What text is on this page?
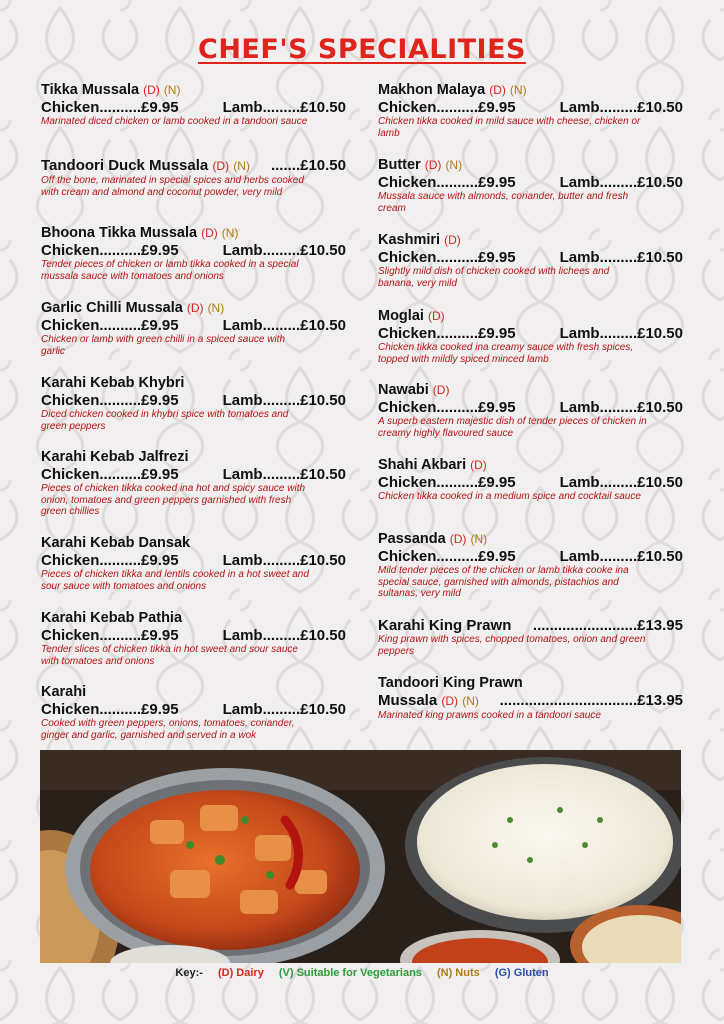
CHEF'S SPECIALITIES
Tikka Mussala (D) (N)
Chicken..........£9.95	Lamb.........£10.50
Marinated diced chicken or lamb cooked in a tandoori sauce
Tandoori Duck Mussala (D) (N) .......£10.50
Off the bone, marinated in special spices and herbs cooked with cream and almond and coconut powder, very mild
Bhoona Tikka Mussala (D) (N)
Chicken..........£9.95	Lamb.........£10.50
Tender pieces of chicken or lamb tikka cooked in a special mussala sauce with tomatoes and onions
Garlic Chilli Mussala (D) (N)
Chicken..........£9.95	Lamb.........£10.50
Chicken or lamb with green chilli in a spiced sauce with garlic
Karahi Kebab Khybri
Chicken..........£9.95	Lamb.........£10.50
Diced chicken cooked in khybri spice with tomatoes and green peppers
Karahi Kebab Jalfrezi
Chicken..........£9.95	Lamb.........£10.50
Pieces of chicken tikka cooked ina hot and spicy sauce with onion, tomatoes and green peppers garnished with fresh green chillies
Karahi Kebab Dansak
Chicken..........£9.95	Lamb.........£10.50
Pieces of chicken tikka and lentils cooked in a hot sweet and sour sauce with tomatoes and onions
Karahi Kebab Pathia
Chicken..........£9.95	Lamb.........£10.50
Tender slices of chicken tikka in hot sweet and sour sauce with tomatoes and onions
Karahi
Chicken..........£9.95	Lamb.........£10.50
Cooked with green peppers, onions, tomatoes, coriander, ginger and garlic, garnished and served in a wok
Makhon Malaya (D) (N)
Chicken..........£9.95	Lamb.........£10.50
Chicken tikka cooked in mild sauce with cheese, chicken or lamb
Butter (D) (N)
Chicken..........£9.95	Lamb.........£10.50
Mussala sauce with almonds, coriander, butter and fresh cream
Kashmiri (D)
Chicken..........£9.95	Lamb.........£10.50
Slightly mild dish of chicken cooked with lichees and banana, very mild
Moglai (D)
Chicken..........£9.95	Lamb.........£10.50
Chicken tikka cooked ina creamy sauce with fresh spices, topped with mildly spiced minced lamb
Nawabi (D)
Chicken..........£9.95	Lamb.........£10.50
A superb eastern majestic dish of tender pieces of chicken in creamy highly flavoured sauce
Shahi Akbari (D)
Chicken..........£9.95	Lamb.........£10.50
Chicken tikka cooked in a medium spice and cocktail sauce
Passanda (D) (N)
Chicken..........£9.95	Lamb.........£10.50
Mild tender pieces of the chicken or lamb tikka cooke ina special sauce, garnished with almonds, pistachios and sultanas, very mild
Karahi King Prawn .........................£13.95
King prawn with spices, chopped tomatoes, onion and green peppers
Tandoori King Prawn
Mussala (D) (N) .................................£13.95
Marinated king prawns cooked in a tandoori sauce
Key:- (D) Dairy (V) Suitable for Vegetarians (N) Nuts (G) Gluten
